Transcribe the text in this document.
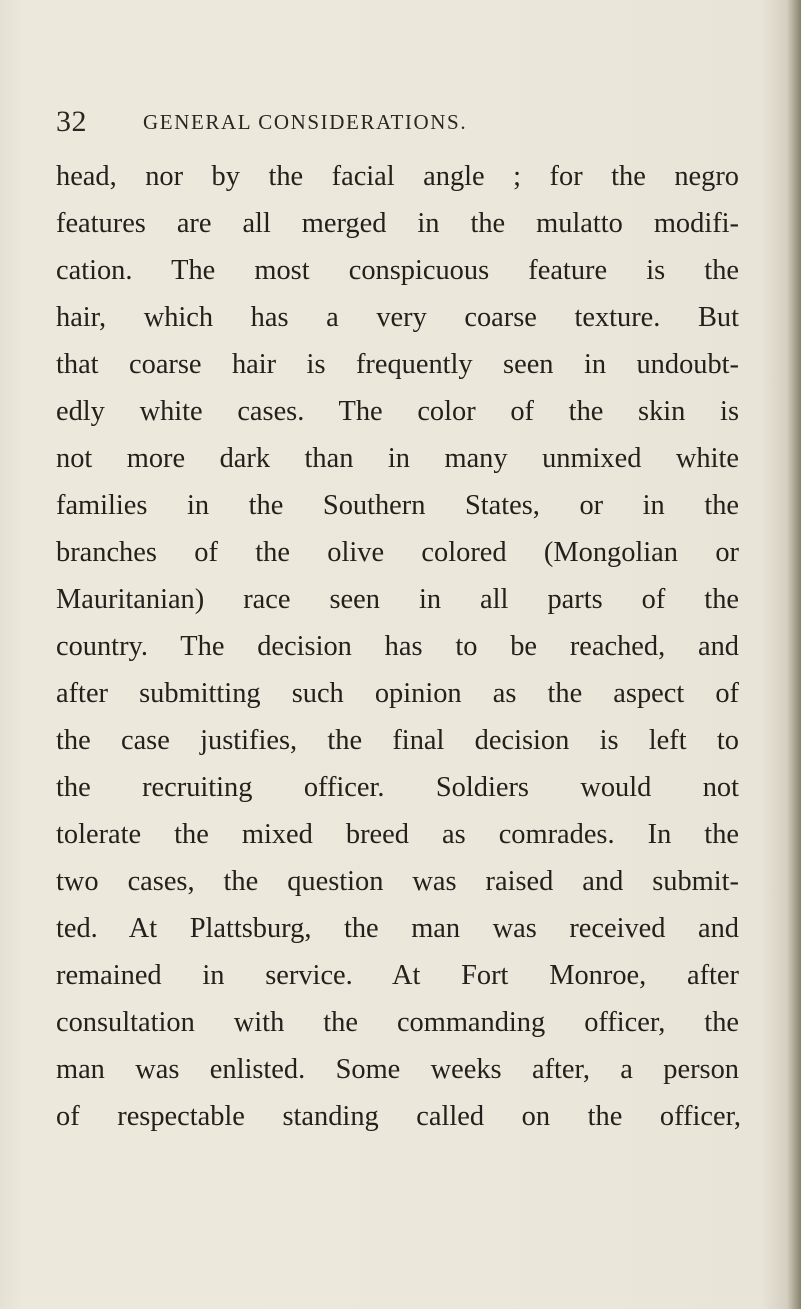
32	GENERAL CONSIDERATIONS.
head, nor by the facial angle ; for the negro
features are all merged in the mulatto modifi-
cation. The most conspicuous feature is the
hair, which has a very coarse texture. But
that coarse hair is frequently seen in undoubt-
edly white cases. The color of the skin is
not more dark than in many unmixed white
families in the Southern States, or in the
branches of the olive colored (Mongolian or
Mauritanian) race seen in all parts of the
country. The decision has to be reached, and
after submitting such opinion as the aspect of
the case justifies, the final decision is left to
the recruiting officer. Soldiers would not
tolerate the mixed breed as comrades. In the
two cases, the question was raised and submit-
ted. At Plattsburg, the man was received and
remained in service. At Fort Monroe, after
consultation with the commanding officer, the
man was enlisted. Some weeks after, a person
of respectable standing called on the officer,
